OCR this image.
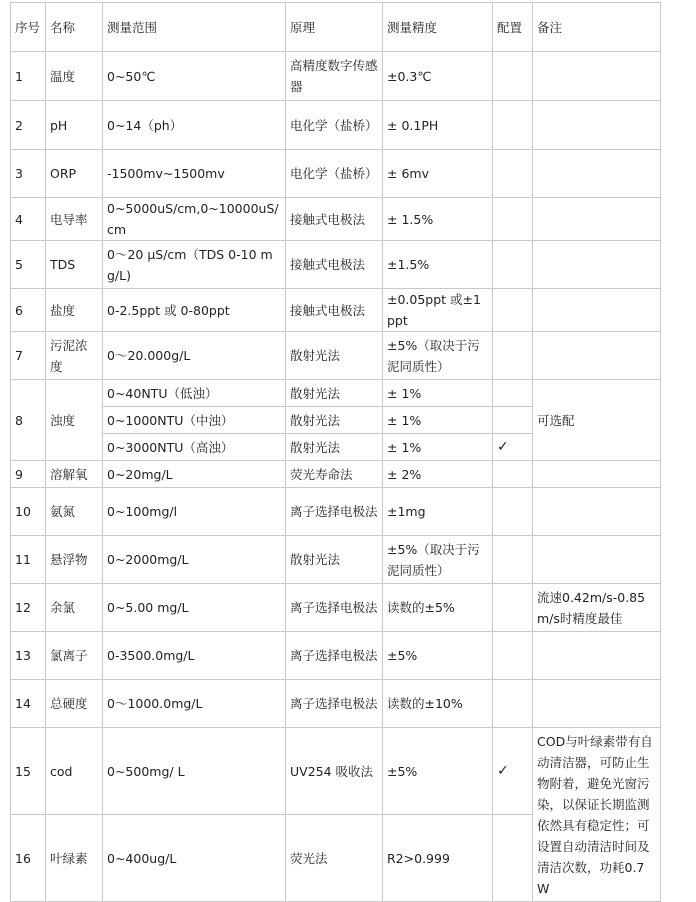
序号	名称	测量范围	原理	测量精度	配置	备注
1	温度	0~50℃	高精度数字传感器	±0.3℃		
2	pH	0~14（ph）	电化学（盐桥）	± 0.1PH		
3	ORP	-1500mv~1500mv	电化学（盐桥）	± 6mv		
4	电导率	0~5000uS/cm,0~10000uS/cm	接触式电极法	± 1.5%		
5	TDS	0～20 μS/cm（TDS 0-10 mg/L)	接触式电极法	±1.5%		
6	盐度	0-2.5ppt 或 0-80ppt	接触式电极法	±0.05ppt 或±1ppt		
7	污泥浓度	0～20.000g/L	散射光法	±5%（取决于污泥同质性）		
8	浊度	0~40NTU（低浊）	散射光法	± 1%		可选配
		0~1000NTU（中浊）	散射光法	± 1%		
		0~3000NTU（高浊）	散射光法	± 1%	✓	
9	溶解氧	0~20mg/L	荧光寿命法	± 2%		
10	氨氮	0~100mg/l	离子选择电极法	±1mg		
11	悬浮物	0~2000mg/L	散射光法	±5%（取决于污泥同质性）		
12	余氯	0~5.00 mg/L	离子选择电极法	读数的±5%		流速0.42m/s-0.85m/s时精度最佳
13	氯离子	0-3500.0mg/L	离子选择电极法	±5%		
14	总硬度	0～1000.0mg/L	离子选择电极法	读数的±10%		
15	cod	0~500mg/ L	UV254 吸收法	±5%	✓	COD与叶绿素带有自动清洁器，可防止生物附着，避免光窗污染，以保证长期监测依然具有稳定性；可设置自动清洁时间及清洁次数，功耗0.7W
16	叶绿素	0~400ug/L	荧光法	R2>0.999		
